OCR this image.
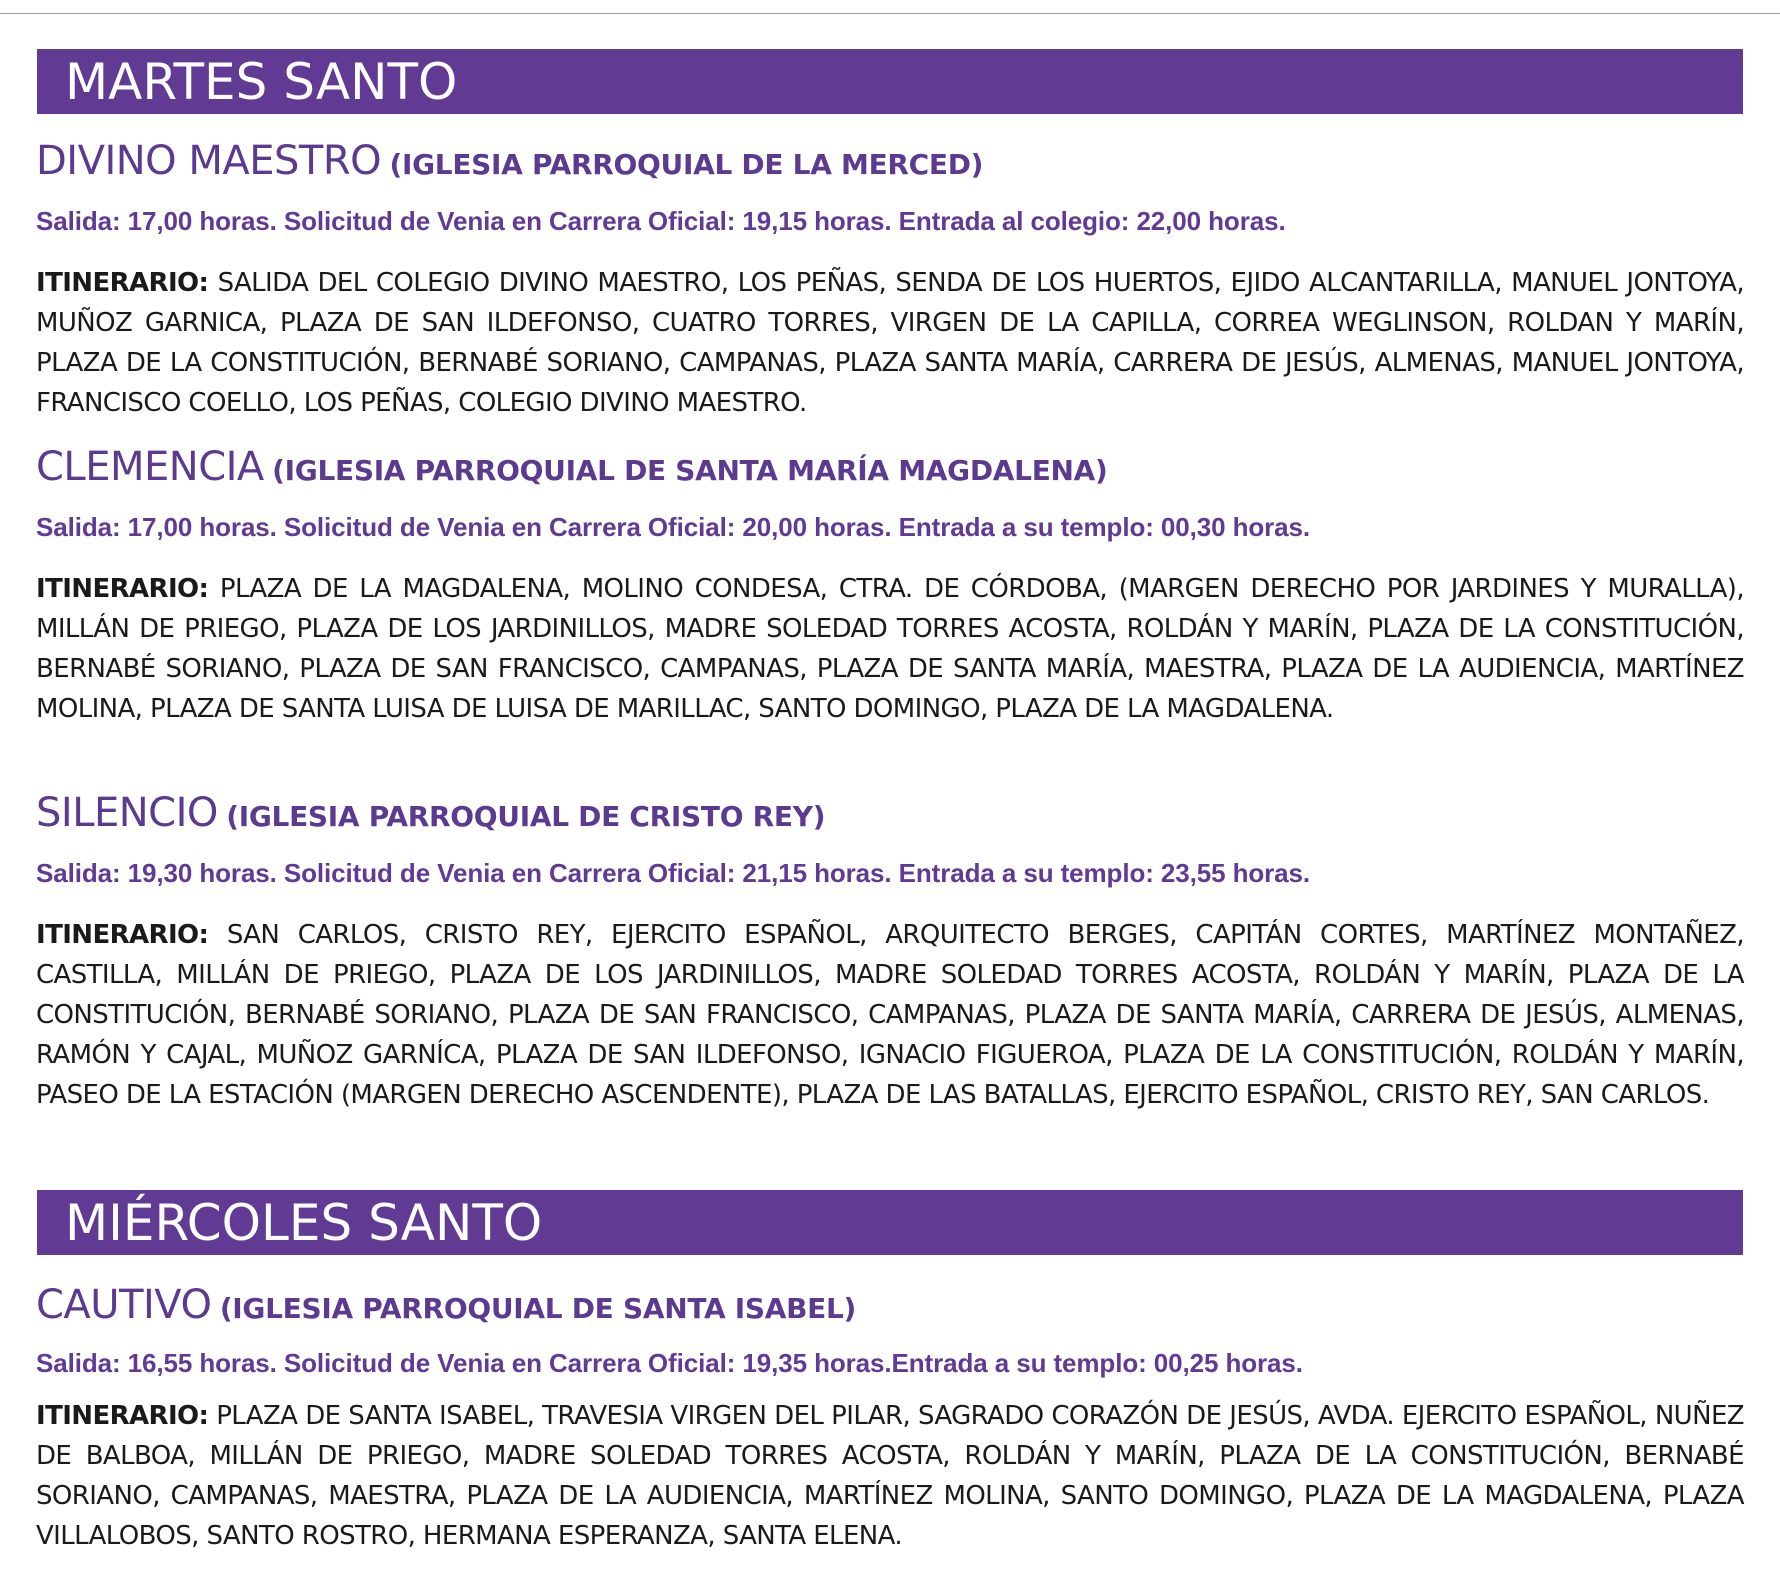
MARTES SANTO
DIVINO MAESTRO (IGLESIA PARROQUIAL DE LA MERCED)

Salida: 17,00 horas. Solicitud de Venia en Carrera Oficial: 19,15 horas. Entrada al colegio: 22,00 horas.

ITINERARIO: SALIDA DEL COLEGIO DIVINO MAESTRO, LOS PEÑAS, SENDA DE LOS HUERTOS, EJIDO ALCANTARILLA, MANUEL JONTOYA, MUÑOZ GARNICA, PLAZA DE SAN ILDEFONSO, CUATRO TORRES, VIRGEN DE LA CAPILLA, CORREA WEGLINSON, ROLDAN Y MARÍN, PLAZA DE LA CONSTITUCIÓN, BERNABÉ SORIANO, CAMPANAS, PLAZA SANTA MARÍA, CARRERA DE JESÚS, ALMENAS, MANUEL JONTOYA, FRANCISCO COELLO, LOS PEÑAS, COLEGIO DIVINO MAESTRO.

CLEMENCIA (IGLESIA PARROQUIAL DE SANTA MARÍA MAGDALENA)

Salida: 17,00 horas. Solicitud de Venia en Carrera Oficial: 20,00 horas. Entrada a su templo: 00,30 horas.

ITINERARIO: PLAZA DE LA MAGDALENA, MOLINO CONDESA, CTRA. DE CÓRDOBA, (MARGEN DERECHO POR JARDINES Y MURALLA), MILLÁN DE PRIEGO, PLAZA DE LOS JARDINILLOS, MADRE SOLEDAD TORRES ACOSTA, ROLDÁN Y MARÍN, PLAZA DE LA CONSTITUCIÓN, BERNABÉ SORIANO, PLAZA DE SAN FRANCISCO, CAMPANAS, PLAZA DE SANTA MARÍA, MAESTRA, PLAZA DE LA AUDIENCIA, MARTÍNEZ MOLINA, PLAZA DE SANTA LUISA DE LUISA DE MARILLAC, SANTO DOMINGO, PLAZA DE LA MAGDALENA.

SILENCIO (IGLESIA PARROQUIAL DE CRISTO REY)

Salida: 19,30 horas. Solicitud de Venia en Carrera Oficial: 21,15 horas. Entrada a su templo: 23,55 horas.

ITINERARIO: SAN CARLOS, CRISTO REY, EJERCITO ESPAÑOL, ARQUITECTO BERGES, CAPITÁN CORTES, MARTÍNEZ MONTAÑEZ, CASTILLA, MILLÁN DE PRIEGO, PLAZA DE LOS JARDINILLOS, MADRE SOLEDAD TORRES ACOSTA, ROLDÁN Y MARÍN, PLAZA DE LA CONSTITUCIÓN, BERNABÉ SORIANO, PLAZA DE SAN FRANCISCO, CAMPANAS, PLAZA DE SANTA MARÍA, CARRERA DE JESÚS, ALMENAS, RAMÓN Y CAJAL, MUÑOZ GARNÍCA, PLAZA DE SAN ILDEFONSO, IGNACIO FIGUEROA, PLAZA DE LA CONSTITUCIÓN, ROLDÁN Y MARÍN, PASEO DE LA ESTACIÓN (MARGEN DERECHO ASCENDENTE), PLAZA DE LAS BATALLAS, EJERCITO ESPAÑOL, CRISTO REY, SAN CARLOS.

MIÉRCOLES SANTO
CAUTIVO (IGLESIA PARROQUIAL DE SANTA ISABEL)

Salida: 16,55 horas. Solicitud de Venia en Carrera Oficial: 19,35 horas.Entrada a su templo: 00,25 horas.

ITINERARIO: PLAZA DE SANTA ISABEL, TRAVESIA VIRGEN DEL PILAR, SAGRADO CORAZÓN DE JESÚS, AVDA. EJERCITO ESPAÑOL, NUÑEZ DE BALBOA, MILLÁN DE PRIEGO, MADRE SOLEDAD TORRES ACOSTA, ROLDÁN Y MARÍN, PLAZA DE LA CONSTITUCIÓN, BERNABÉ SORIANO, CAMPANAS, MAESTRA, PLAZA DE LA AUDIENCIA, MARTÍNEZ MOLINA, SANTO DOMINGO, PLAZA DE LA MAGDALENA, PLAZA VILLALOBOS, SANTO ROSTRO, HERMANA ESPERANZA, SANTA ELENA.
